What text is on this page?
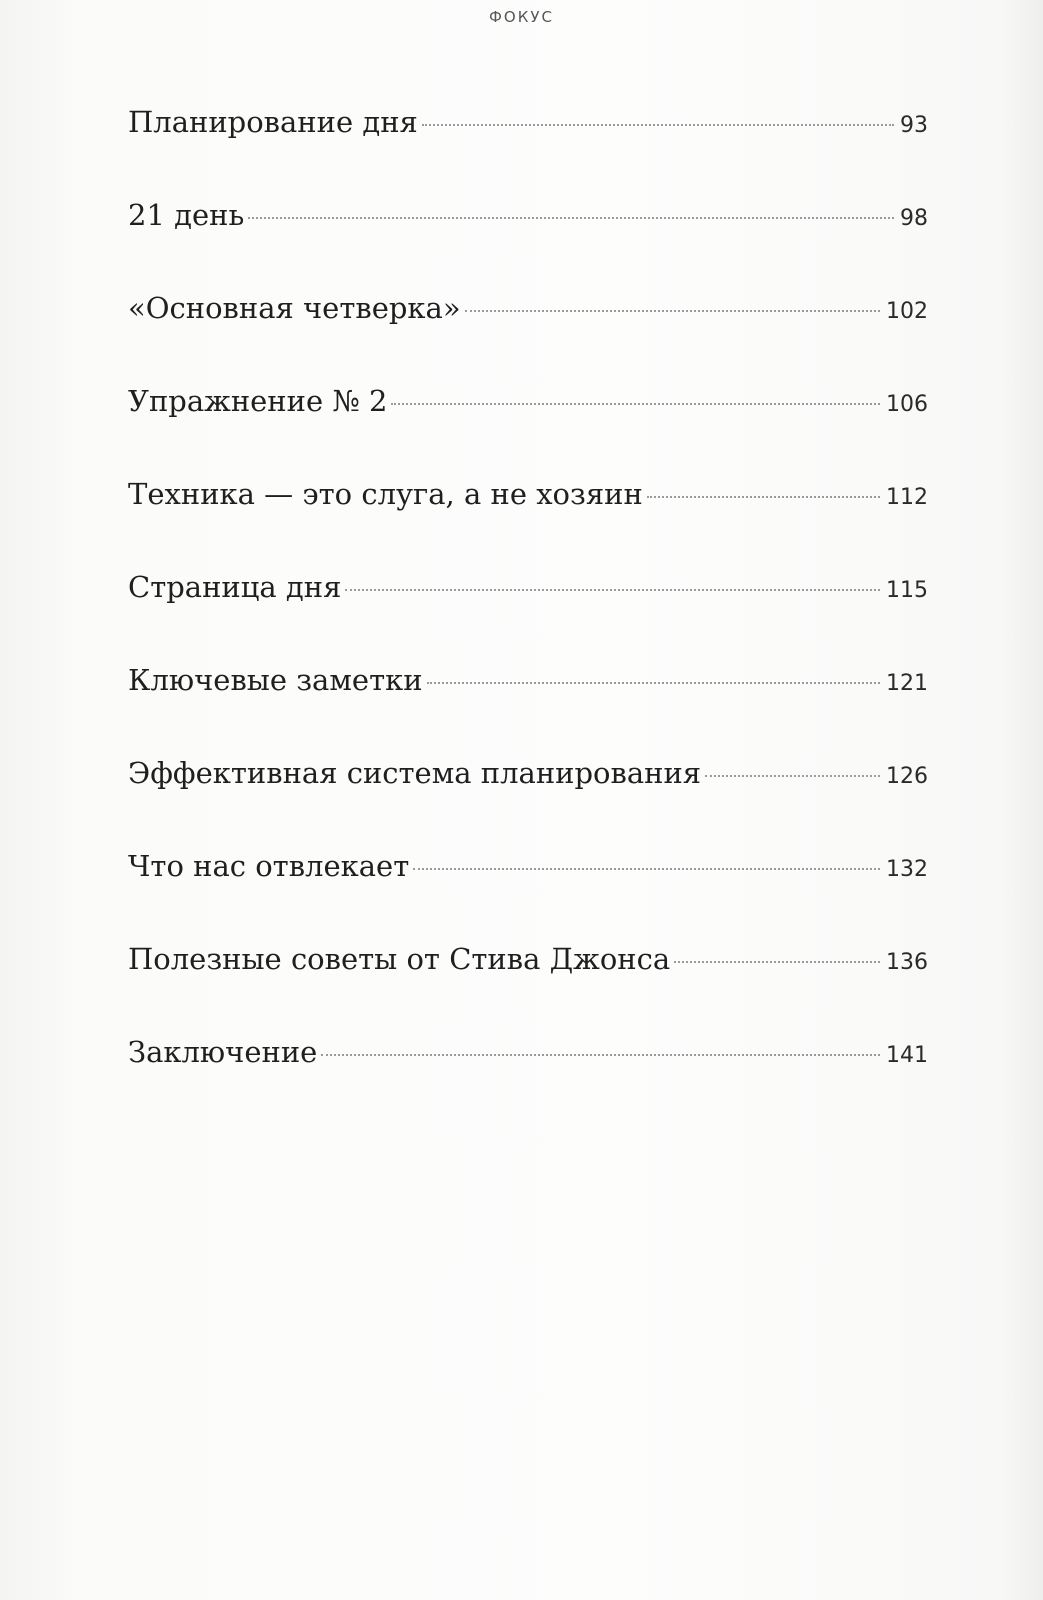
ФОКУС
Планирование дня	93
21 день	98
«Основная четверка»	102
Упражнение № 2	106
Техника — это слуга, а не хозяин	112
Страница дня	115
Ключевые заметки	121
Эффективная система планирования	126
Что нас отвлекает	132
Полезные советы от Стива Джонса	136
Заключение	141
